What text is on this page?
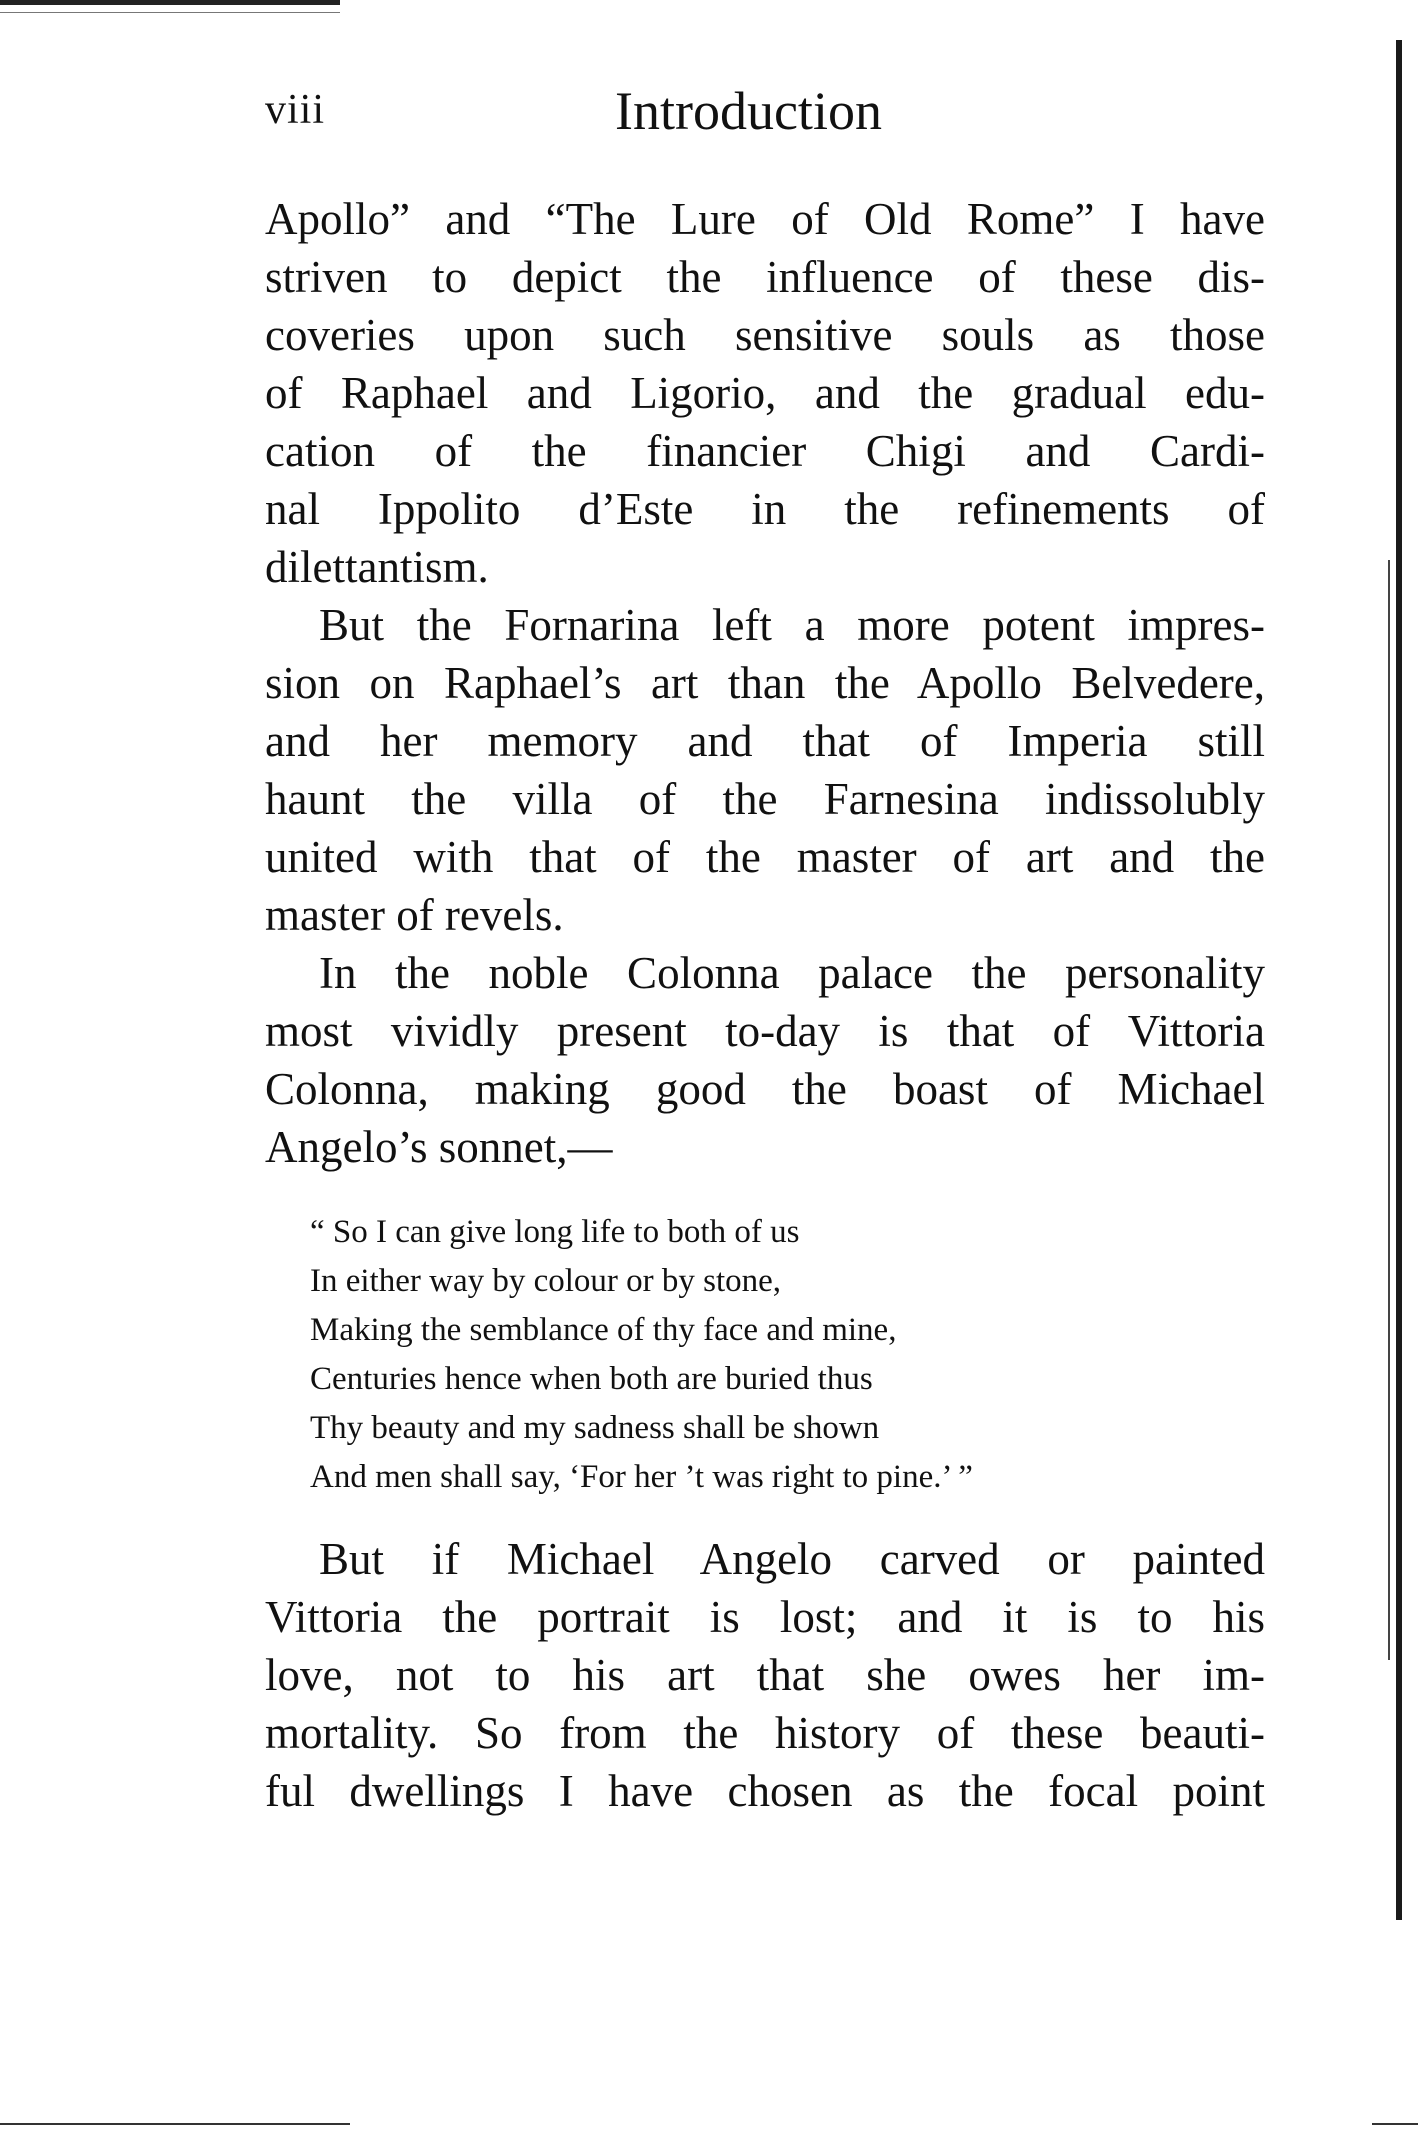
viii	Introduction
Apollo” and “The Lure of Old Rome” I have
striven to depict the influence of these dis-
coveries upon such sensitive souls as those
of Raphael and Ligorio, and the gradual edu-
cation of the financier Chigi and Cardi-
nal Ippolito d’Este in the refinements of
dilettantism.
But the Fornarina left a more potent impres-
sion on Raphael’s art than the Apollo Belvedere,
and her memory and that of Imperia still
haunt the villa of the Farnesina indissolubly
united with that of the master of art and the
master of revels.
In the noble Colonna palace the personality
most vividly present to-day is that of Vittoria
Colonna, making good the boast of Michael
Angelo’s sonnet,—
“ So I can give long life to both of us
In either way by colour or by stone,
Making the semblance of thy face and mine,
Centuries hence when both are buried thus
Thy beauty and my sadness shall be shown
And men shall say, ‘For her ’t was right to pine.’ ”
But if Michael Angelo carved or painted
Vittoria the portrait is lost; and it is to his
love, not to his art that she owes her im-
mortality. So from the history of these beauti-
ful dwellings I have chosen as the focal point
